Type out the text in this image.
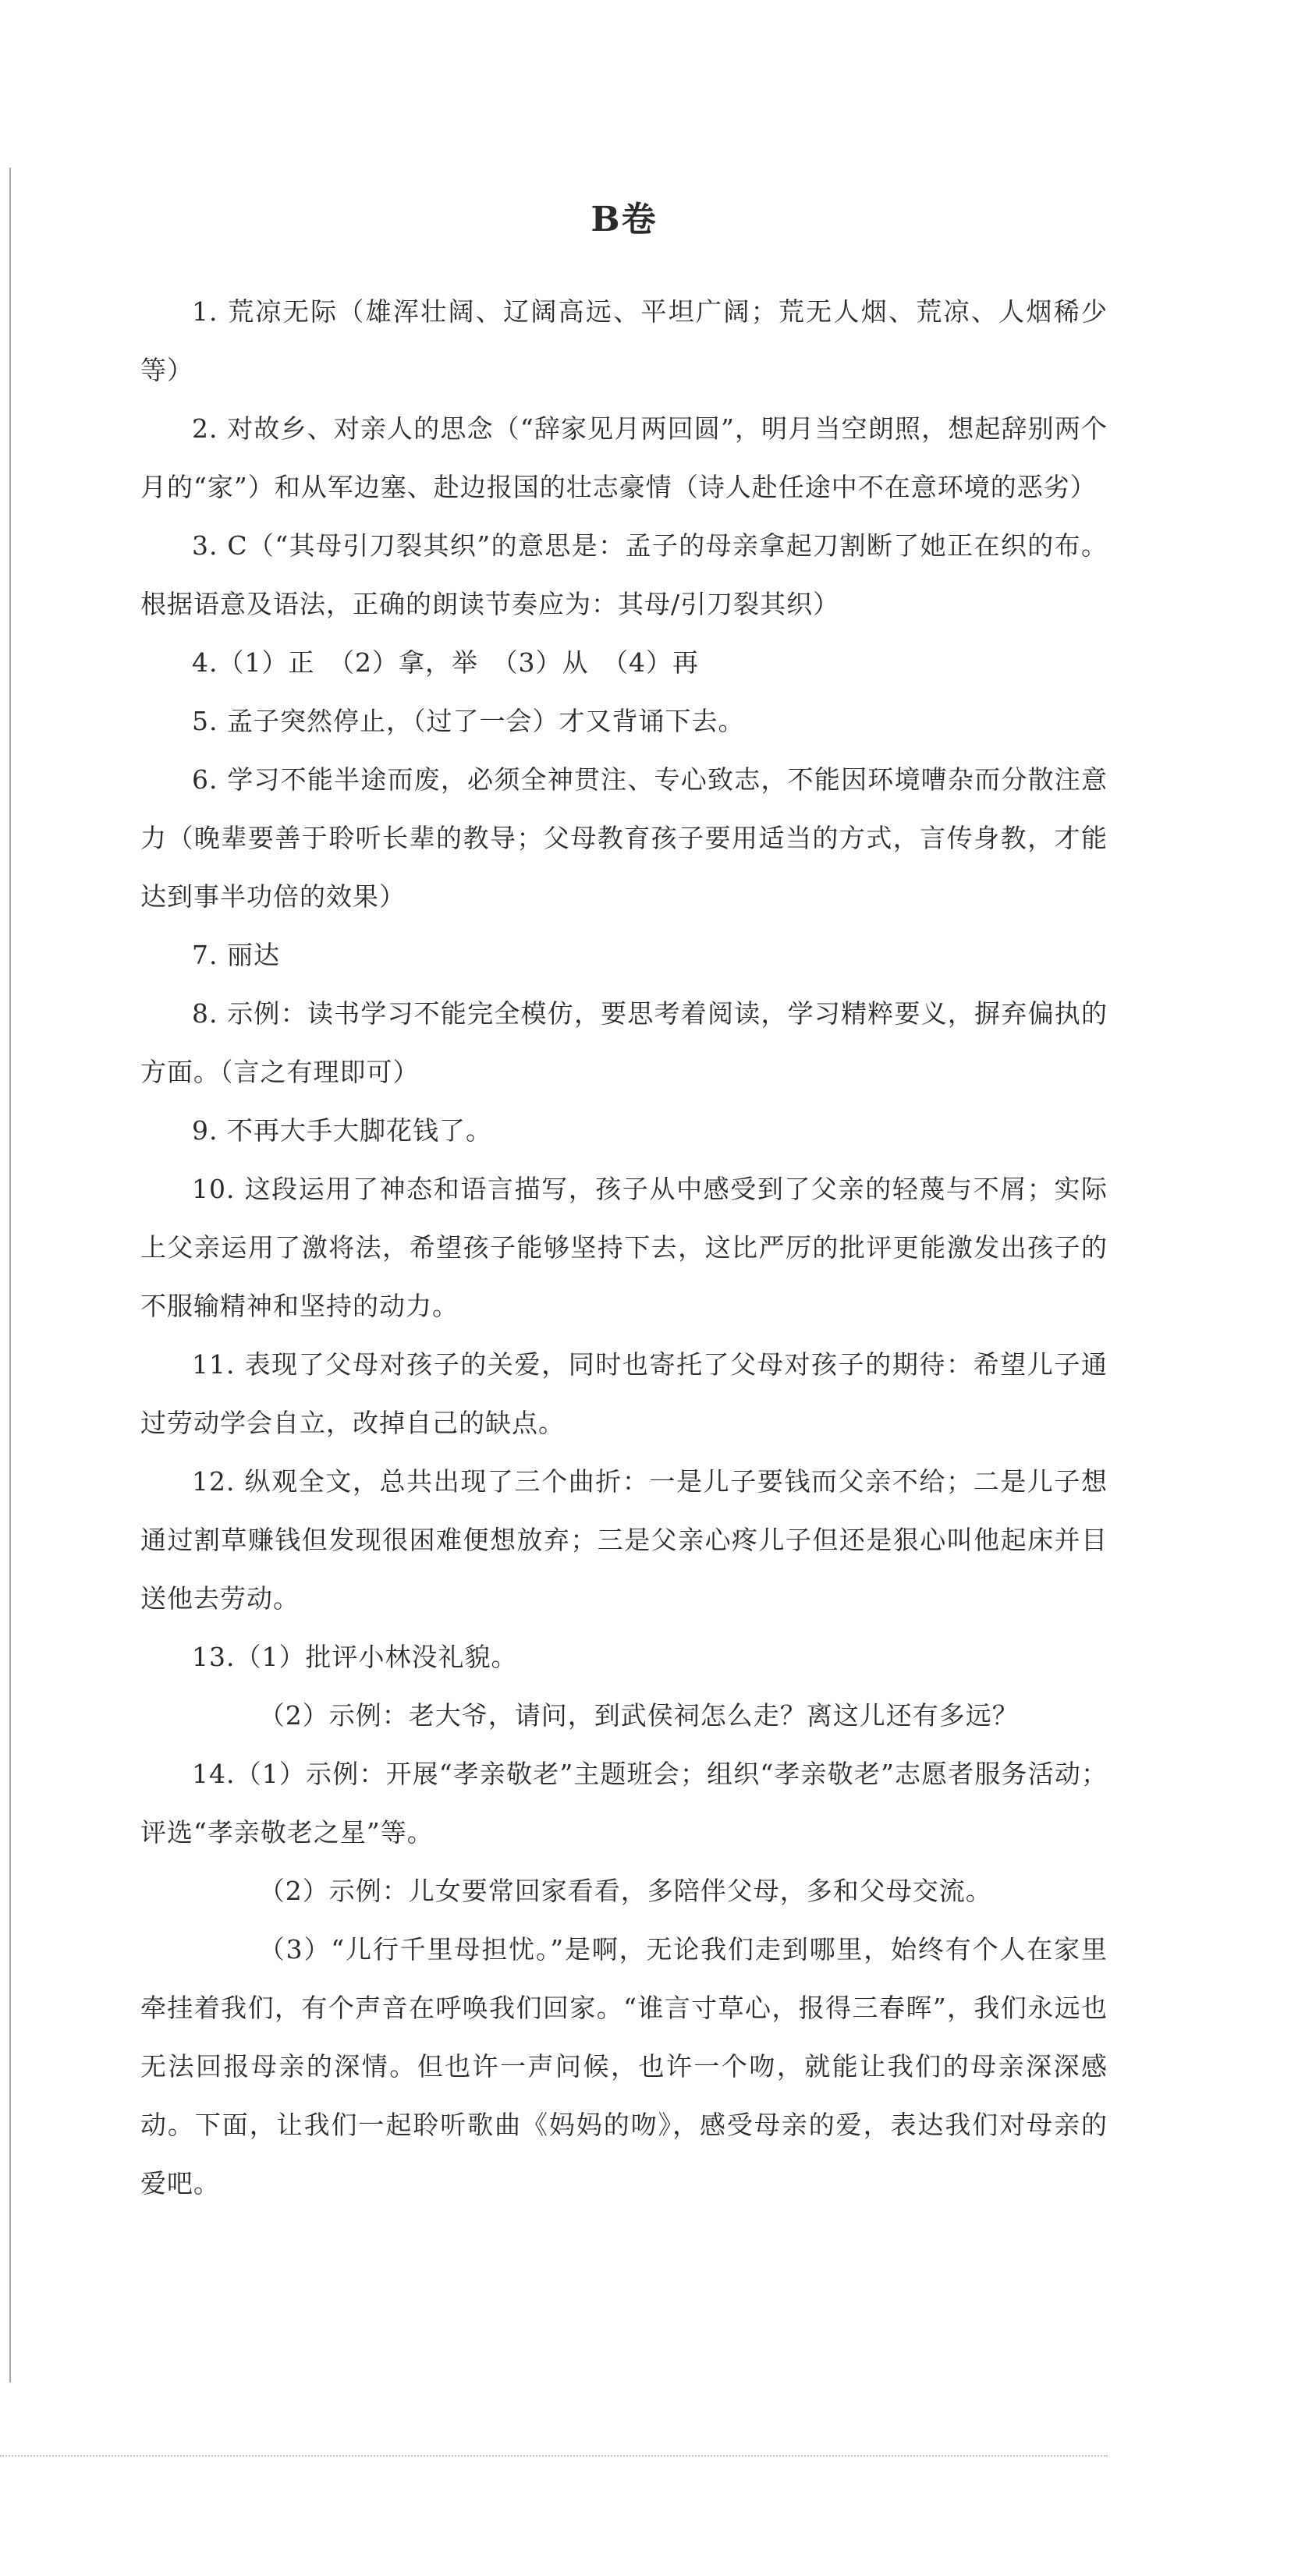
B卷

1. 荒凉无际（雄浑壮阔、辽阔高远、平坦广阔；荒无人烟、荒凉、人烟稀少等）

2. 对故乡、对亲人的思念（“辞家见月两回圆”，明月当空朗照，想起辞别两个月的“家”）和从军边塞、赴边报国的壮志豪情（诗人赴任途中不在意环境的恶劣）

3. C（“其母引刀裂其织”的意思是：孟子的母亲拿起刀割断了她正在织的布。根据语意及语法，正确的朗读节奏应为：其母/引刀裂其织）

4.（1）正　（2）拿，举　（3）从　（4）再

5. 孟子突然停止，（过了一会）才又背诵下去。

6. 学习不能半途而废，必须全神贯注、专心致志，不能因环境嘈杂而分散注意力（晚辈要善于聆听长辈的教导；父母教育孩子要用适当的方式，言传身教，才能达到事半功倍的效果）

7. 丽达

8. 示例：读书学习不能完全模仿，要思考着阅读，学习精粹要义，摒弃偏执的方面。（言之有理即可）

9. 不再大手大脚花钱了。

10. 这段运用了神态和语言描写，孩子从中感受到了父亲的轻蔑与不屑；实际上父亲运用了激将法，希望孩子能够坚持下去，这比严厉的批评更能激发出孩子的不服输精神和坚持的动力。

11. 表现了父母对孩子的关爱，同时也寄托了父母对孩子的期待：希望儿子通过劳动学会自立，改掉自己的缺点。

12. 纵观全文，总共出现了三个曲折：一是儿子要钱而父亲不给；二是儿子想通过割草赚钱但发现很困难便想放弃；三是父亲心疼儿子但还是狠心叫他起床并目送他去劳动。

13.（1）批评小林没礼貌。

（2）示例：老大爷，请问，到武侯祠怎么走？离这儿还有多远？

14.（1）示例：开展“孝亲敬老”主题班会；组织“孝亲敬老”志愿者服务活动；评选“孝亲敬老之星”等。

（2）示例：儿女要常回家看看，多陪伴父母，多和父母交流。

（3）“儿行千里母担忧。”是啊，无论我们走到哪里，始终有个人在家里牵挂着我们，有个声音在呼唤我们回家。“谁言寸草心，报得三春晖”，我们永远也无法回报母亲的深情。但也许一声问候，也许一个吻，就能让我们的母亲深深感动。下面，让我们一起聆听歌曲《妈妈的吻》，感受母亲的爱，表达我们对母亲的爱吧。
